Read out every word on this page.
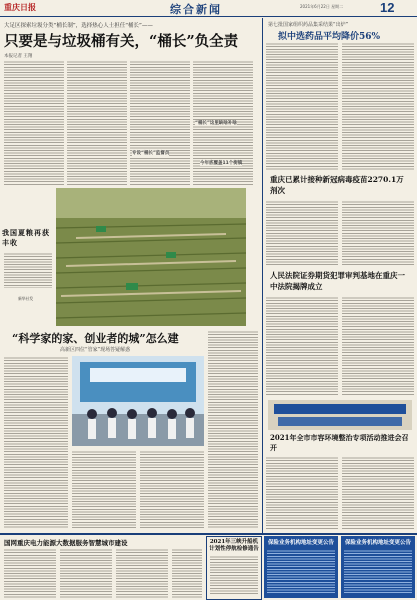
重庆日报	综合新闻	2021年6月22日 星期二	12
大足区探索垃圾分类“桶长制”，选择热心人士担任“桶长”——
只要是与垃圾桶有关，“桶长”负全责
本报记者 王翔
我国夏粮再获丰收
新华社发
“科学家的家、创业者的城”怎么建
高新区四位“管家”现场答疑解惑
第七批国家组织药品集采结果“出炉”
拟中选药品平均降价56%
重庆已累计接种新冠病毒疫苗2270.1万剂次
人民法院证券期货犯罪审判基地在重庆一中法院揭牌成立
2021年全市市容环境整治专项活动推进会召开
国网重庆电力能源大数据服务智慧城市建设	2021年三峡升船机计划性停航检修通告
保险业务机构地址变更公告	保险业务机构地址变更公告
“桶长”这里缺啥补啥
专设“桶长”监督员
今年底覆盖11个街镇
